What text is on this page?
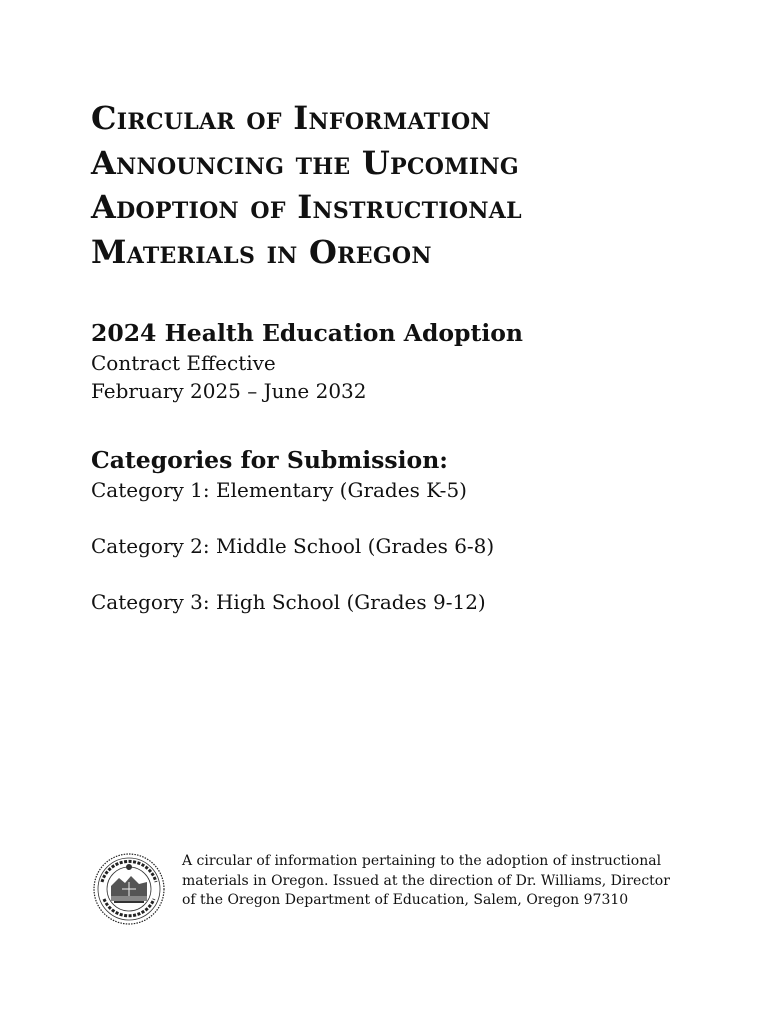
Circular of Information
Announcing the Upcoming
Adoption of Instructional
Materials in Oregon
2024 Health Education Adoption
Contract Effective
February 2025 – June 2032
Categories for Submission:
Category 1: Elementary (Grades K-5)
Category 2: Middle School (Grades 6-8)
Category 3: High School (Grades 9-12)
A circular of information pertaining to the adoption of instructional
materials in Oregon. Issued at the direction of Dr. Williams, Director
of the Oregon Department of Education, Salem, Oregon 97310
